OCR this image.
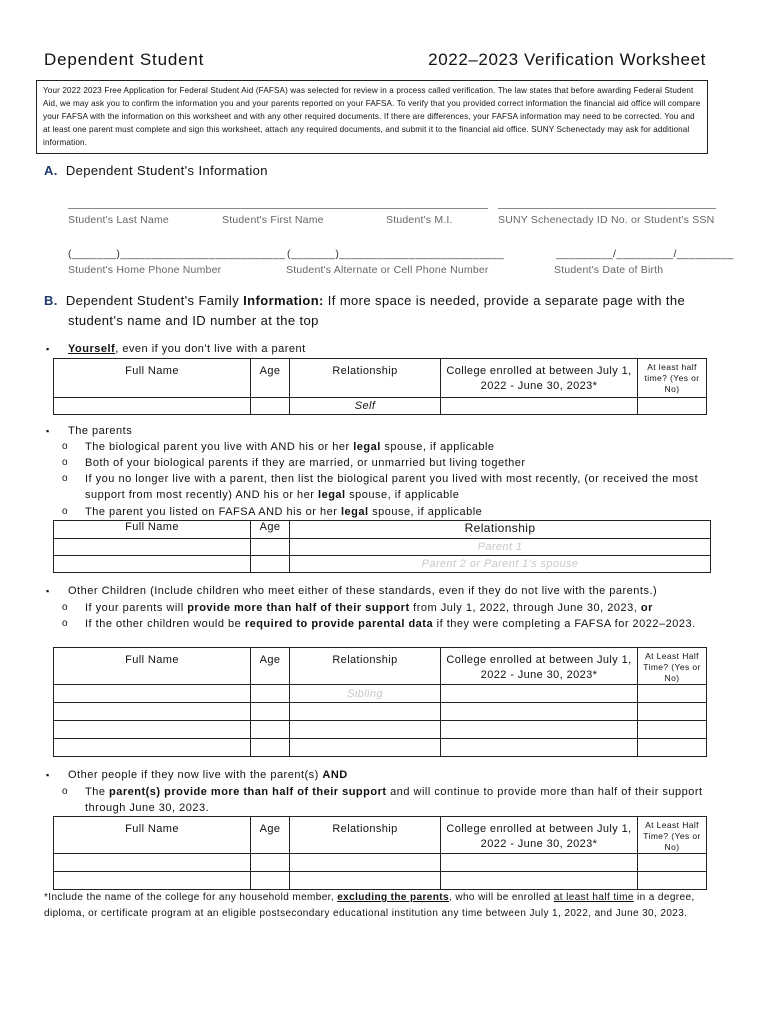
Dependent Student	2022–2023 Verification Worksheet
Your 2022 2023 Free Application for Federal Student Aid (FAFSA) was selected for review in a process called verification. The law states that before awarding Federal Student Aid, we may ask you to confirm the information you and your parents reported on your FAFSA. To verify that you provided correct information the financial aid office will compare your FAFSA with the information on this worksheet and with any other required documents. If there are differences, your FAFSA information may need to be corrected. You and at least one parent must complete and sign this worksheet, attach any required documents, and submit it to the financial aid office. SUNY Schenectady may ask for additional information.
A. Dependent Student's Information
Student's Last Name	Student's First Name	Student's M.I.	SUNY Schenectady ID No. or Student's SSN
(_______)__________________________ (_______)__________________________	_________/_________/_________
Student's Home Phone Number	Student's Alternate or Cell Phone Number	Student's Date of Birth
B. Dependent Student's Family Information: If more space is needed, provide a separate page with the
student's name and ID number at the top
▪ Yourself, even if you don't live with a parent
Full Name	Age	Relationship	College enrolled at between July 1, 2022 - June 30, 2023*	At least half time? (Yes or No)
		Self		
▪ The parents
o The biological parent you live with AND his or her legal spouse, if applicable
o Both of your biological parents if they are married, or unmarried but living together
o If you no longer live with a parent, then list the biological parent you lived with most recently, (or received the most support from most recently) AND his or her legal spouse, if applicable
o The parent you listed on FAFSA AND his or her legal spouse, if applicable
Full Name	Age	Relationship
		Parent 1
		Parent 2 or Parent 1's spouse
▪ Other Children (Include children who meet either of these standards, even if they do not live with the parents.)
o If your parents will provide more than half of their support from July 1, 2022, through June 30, 2023, or
o If the other children would be required to provide parental data if they were completing a FAFSA for 2022–2023.
Full Name	Age	Relationship	College enrolled at between July 1, 2022 - June 30, 2023*	At Least Half Time? (Yes or No)
		Sibling		

▪ Other people if they now live with the parent(s) AND
o The parent(s) provide more than half of their support and will continue to provide more than half of their support through June 30, 2023.
Full Name	Age	Relationship	College enrolled at between July 1, 2022 - June 30, 2023*	At Least Half Time? (Yes or No)

*Include the name of the college for any household member, excluding the parents, who will be enrolled at least half time in a degree, diploma, or certificate program at an eligible postsecondary educational institution any time between July 1, 2022, and June 30, 2023.
